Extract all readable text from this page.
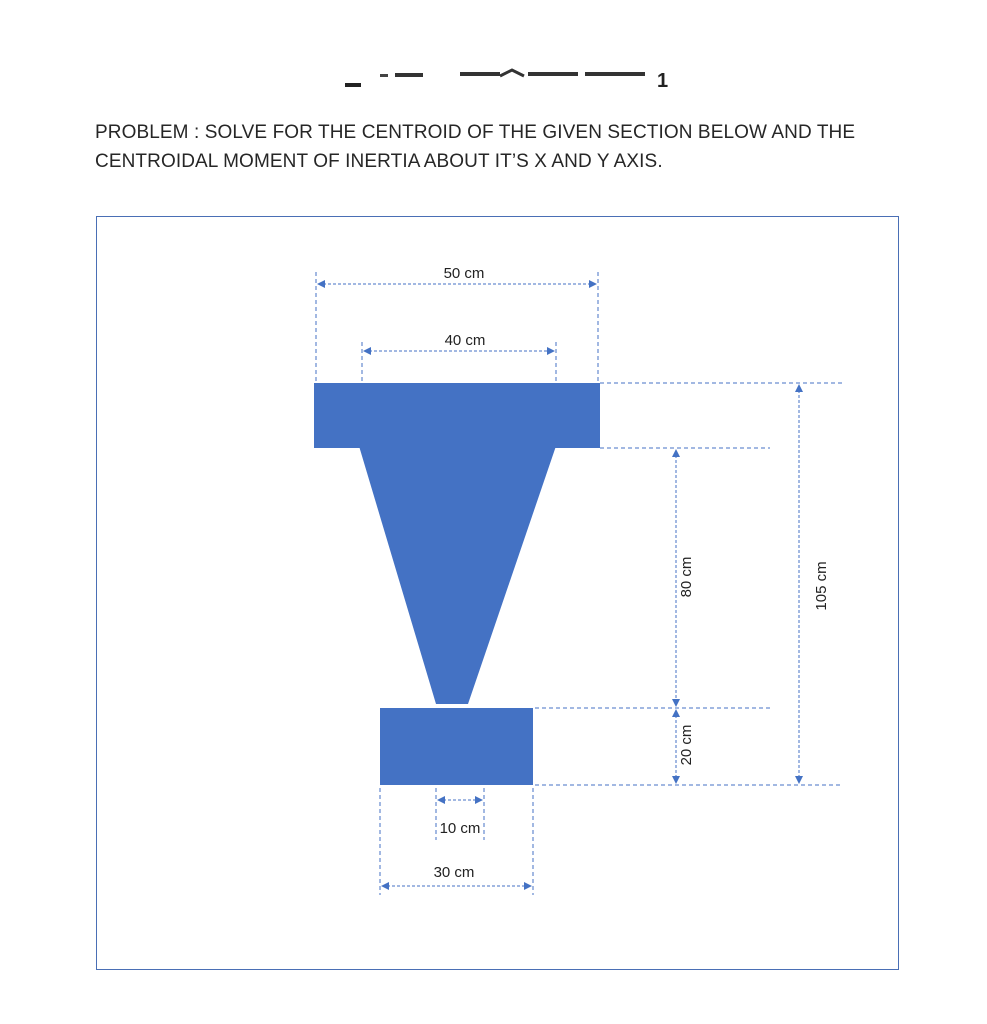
1
PROBLEM : SOLVE FOR THE CENTROID OF THE GIVEN SECTION BELOW AND THE
CENTROIDAL MOMENT OF INERTIA ABOUT IT’S X AND Y AXIS.
50 cm
40 cm
10 cm
30 cm
80 cm
20 cm
105 cm
